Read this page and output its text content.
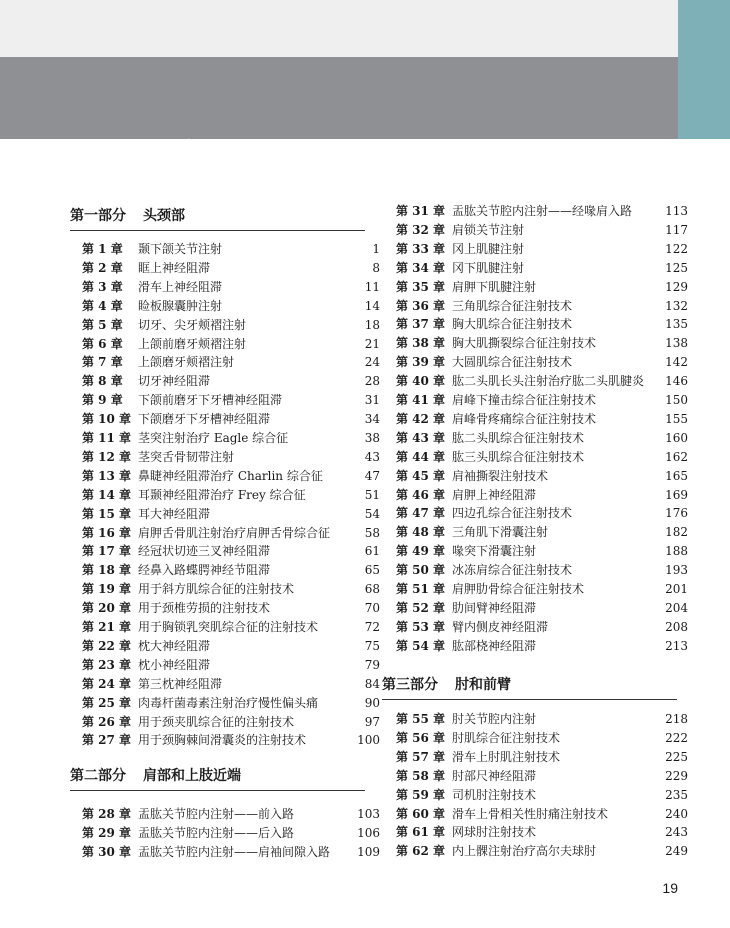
目 录
第一部分 头颈部
第 1 章 颞下颌关节注射	1
第 2 章 眶上神经阻滞	8
第 3 章 滑车上神经阻滞	11
第 4 章 睑板腺囊肿注射	14
第 5 章 切牙、尖牙颊褶注射	18
第 6 章 上颌前磨牙颊褶注射	21
第 7 章 上颌磨牙颊褶注射	24
第 8 章 切牙神经阻滞	28
第 9 章 下颌前磨牙下牙槽神经阻滞	31
第 10 章 下颌磨牙下牙槽神经阻滞	34
第 11 章 茎突注射治疗 Eagle 综合征	38
第 12 章 茎突舌骨韧带注射	43
第 13 章 鼻睫神经阻滞治疗 Charlin 综合征	47
第 14 章 耳颞神经阻滞治疗 Frey 综合征	51
第 15 章 耳大神经阻滞	54
第 16 章 肩胛舌骨肌注射治疗肩胛舌骨综合征	58
第 17 章 经冠状切迹三叉神经阻滞	61
第 18 章 经鼻入路蝶腭神经节阻滞	65
第 19 章 用于斜方肌综合征的注射技术	68
第 20 章 用于颈椎劳损的注射技术	70
第 21 章 用于胸锁乳突肌综合征的注射技术	72
第 22 章 枕大神经阻滞	75
第 23 章 枕小神经阻滞	79
第 24 章 第三枕神经阻滞	84
第 25 章 肉毒杆菌毒素注射治疗慢性偏头痛	90
第 26 章 用于颈夹肌综合征的注射技术	97
第 27 章 用于颈胸棘间滑囊炎的注射技术	100
第二部分 肩部和上肢近端
第 28 章 盂肱关节腔内注射——前入路	103
第 29 章 盂肱关节腔内注射——后入路	106
第 30 章 盂肱关节腔内注射——肩袖间隙入路 109
第 31 章 盂肱关节腔内注射——经喙肩入路	113
第 32 章 肩锁关节注射	117
第 33 章 冈上肌腱注射	122
第 34 章 冈下肌腱注射	125
第 35 章 肩胛下肌腱注射	129
第 36 章 三角肌综合征注射技术	132
第 37 章 胸大肌综合征注射技术	135
第 38 章 胸大肌撕裂综合征注射技术	138
第 39 章 大圆肌综合征注射技术	142
第 40 章 肱二头肌长头注射治疗肱二头肌腱炎 146
第 41 章 肩峰下撞击综合征注射技术	150
第 42 章 肩峰骨疼痛综合征注射技术	155
第 43 章 肱二头肌综合征注射技术	160
第 44 章 肱三头肌综合征注射技术	162
第 45 章 肩袖撕裂注射技术	165
第 46 章 肩胛上神经阻滞	169
第 47 章 四边孔综合征注射技术	176
第 48 章 三角肌下滑囊注射	182
第 49 章 喙突下滑囊注射	188
第 50 章 冰冻肩综合征注射技术	193
第 51 章 肩胛肋骨综合征注射技术	201
第 52 章 肋间臂神经阻滞	204
第 53 章 臂内侧皮神经阻滞	208
第 54 章 肱部桡神经阻滞	213
第三部分 肘和前臂
第 55 章 肘关节腔内注射	218
第 56 章 肘肌综合征注射技术	222
第 57 章 滑车上肘肌注射技术	225
第 58 章 肘部尺神经阻滞	229
第 59 章 司机肘注射技术	235
第 60 章 滑车上骨相关性肘痛注射技术	240
第 61 章 网球肘注射技术	243
第 62 章 内上髁注射治疗高尔夫球肘	249
19
